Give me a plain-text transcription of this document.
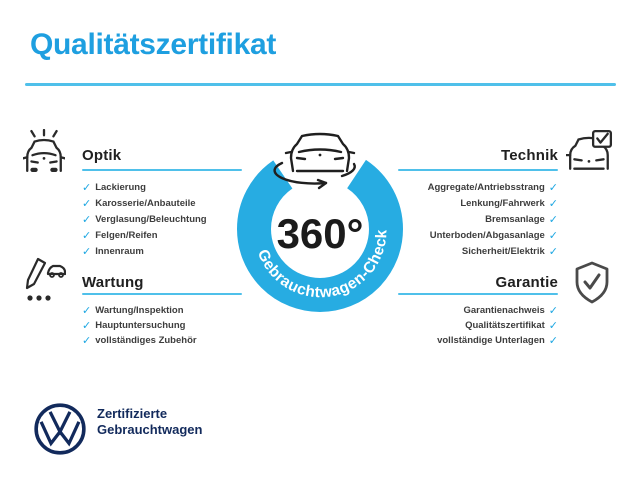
Qualitätszertifikat
Optik
✓ Lackierung
✓ Karosserie/Anbauteile
✓ Verglasung/Beleuchtung
✓ Felgen/Reifen
✓ Innenraum
Wartung
✓ Wartung/Inspektion
✓ Hauptuntersuchung
✓ vollständiges Zubehör
Technik
✓
Aggregate/Antriebsstrang
✓
Lenkung/Fahrwerk
✓
Bremsanlage
✓
Unterboden/Abgasanlage
✓
Sicherheit/Elektrik
Garantie
✓
Garantienachweis
✓
Qualitätszertifikat
✓
vollständige Unterlagen
Gebrauchtwagen-Check
360°
Zertifizierte
Gebrauchtwagen
